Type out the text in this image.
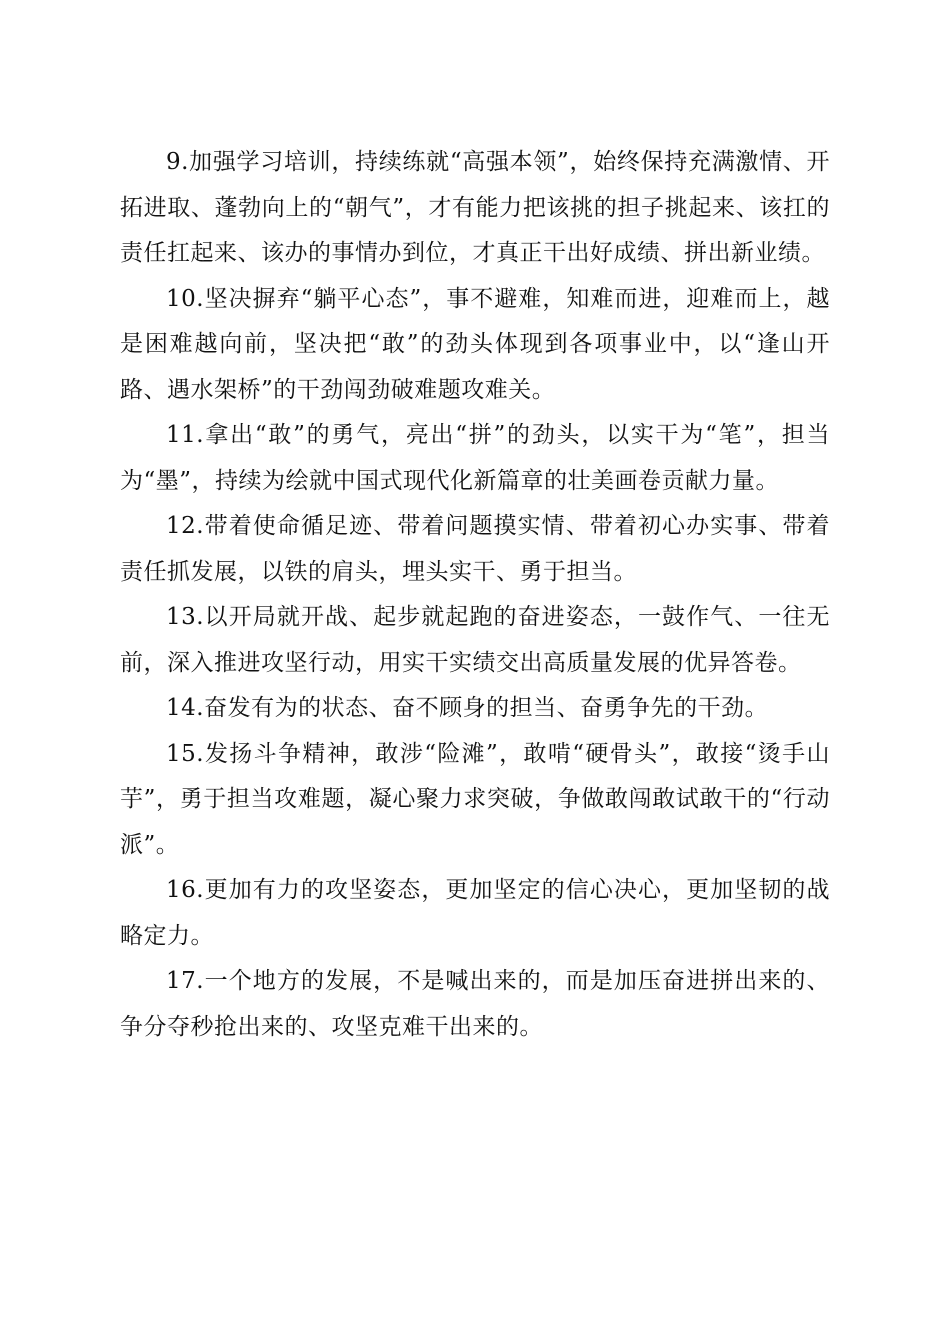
9.加强学习培训，持续练就“高强本领”，始终保持充满激情、开拓进取、蓬勃向上的“朝气”，才有能力把该挑的担子挑起来、该扛的责任扛起来、该办的事情办到位，才真正干出好成绩、拼出新业绩。

10.坚决摒弃“躺平心态”，事不避难，知难而进，迎难而上，越是困难越向前，坚决把“敢”的劲头体现到各项事业中，以“逢山开路、遇水架桥”的干劲闯劲破难题攻难关。

11.拿出“敢”的勇气，亮出“拼”的劲头，以实干为“笔”，担当为“墨”，持续为绘就中国式现代化新篇章的壮美画卷贡献力量。

12.带着使命循足迹、带着问题摸实情、带着初心办实事、带着责任抓发展，以铁的肩头，埋头实干、勇于担当。

13.以开局就开战、起步就起跑的奋进姿态，一鼓作气、一往无前，深入推进攻坚行动，用实干实绩交出高质量发展的优异答卷。

14.奋发有为的状态、奋不顾身的担当、奋勇争先的干劲。

15.发扬斗争精神，敢涉“险滩”，敢啃“硬骨头”，敢接“烫手山芋”，勇于担当攻难题，凝心聚力求突破，争做敢闯敢试敢干的“行动派”。

16.更加有力的攻坚姿态，更加坚定的信心决心，更加坚韧的战略定力。

17.一个地方的发展，不是喊出来的，而是加压奋进拼出来的、争分夺秒抢出来的、攻坚克难干出来的。
